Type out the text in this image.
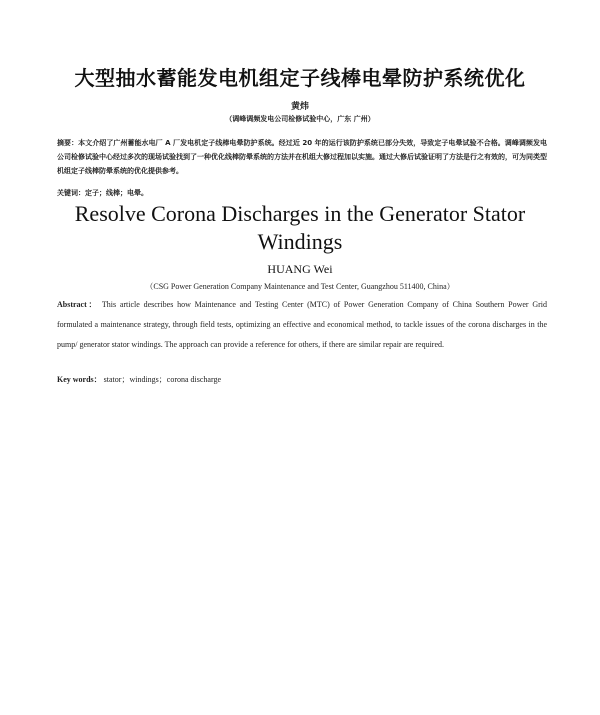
大型抽水蓄能发电机组定子线棒电晕防护系统优化
黄炜
（调峰调频发电公司检修试验中心，广东 广州）
摘要：本文介绍了广州蓄能水电厂 A 厂发电机定子线棒电晕防护系统。经过近 20 年的运行该防护系统已部分失效，导致定子电晕试验不合格。调峰调频发电公司检修试验中心经过多次的现场试验找到了一种优化线棒防晕系统的方法并在机组大修过程加以实施。通过大修后试验证明了方法是行之有效的，可为同类型机组定子线棒防晕系统的优化提供参考。
关键词：定子；线棒；电晕。
Resolve Corona Discharges in the Generator Stator Windings
HUANG Wei
（CSG Power Generation Company Maintenance and Test Center, Guangzhou 511400, China）
Abstract： This article describes how Maintenance and Testing Center (MTC) of Power Generation Company of China Southern Power Grid formulated a maintenance strategy, through field tests, optimizing an effective and economical method, to tackle issues of the corona discharges in the pump/ generator stator windings. The approach can provide a reference for others, if there are similar repair are required.
Key words： stator；windings；corona discharge
